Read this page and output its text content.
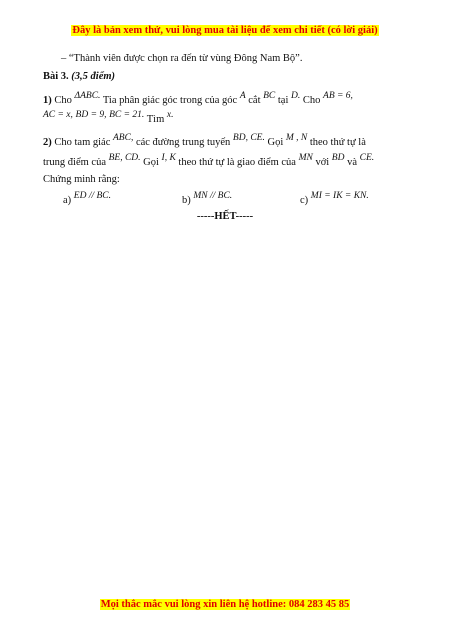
Đây là bản xem thử, vui lòng mua tài liệu để xem chi tiết (có lời giải)
– “Thành viên được chọn ra đến từ vùng Đông Nam Bộ”.
Bài 3. (3,5 điểm)
1) Cho ΔABC. Tia phân giác góc trong của góc A cắt BC tại D. Cho AB = 6,
AC = x, BD = 9, BC = 21. Tìm x.
2) Cho tam giác ABC, các đường trung tuyến BD, CE. Gọi M , N theo thứ tự là
trung điểm của BE, CD. Gọi I, K theo thứ tự là giao điểm của MN với BD và CE.
Chứng minh rằng:
a) ED // BC.	b) MN // BC.	c) MI = IK = KN.
-----HẾT-----
Mọi thắc mắc vui lòng xin liên hệ hotline: 084 283 45 85
